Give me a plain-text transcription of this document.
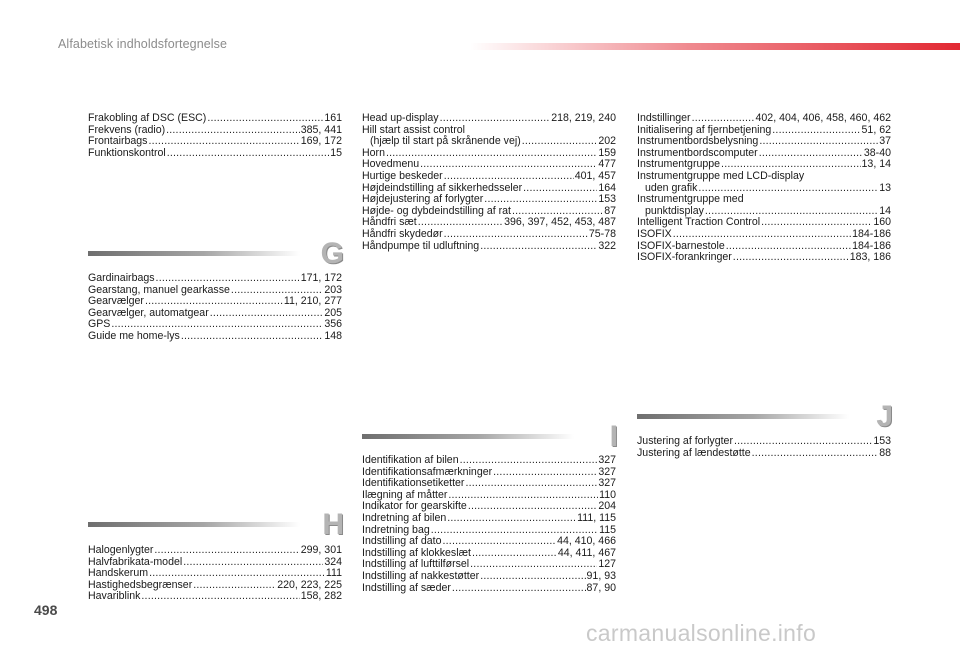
Alfabetisk indholdsfortegnelse
Frakobling af DSC (ESC) .....	161
Frekvens (radio) .....	385, 441
Frontairbags .....	169, 172
Funktionskontrol .....	15
G
Gardinairbags .....	171, 172
Gearstang, manuel gearkasse .....	203
Gearvælger .....	11, 210, 277
Gearvælger, automatgear .....	205
GPS .....	356
Guide me home-lys .....	148
H
Halogenlygter .....	299, 301
Halvfabrikata-model .....	324
Handskerum .....	111
Hastighedsbegrænser .....	220, 223, 225
Havariblink .....	158, 282
Head up-display .....	218, 219, 240
Hill start assist control
(hjælp til start på skrånende vej) .....	202
Horn .....	159
Hovedmenu .....	477
Hurtige beskeder .....	401, 457
Højdeindstilling af sikkerhedsseler .....	164
Højdejustering af forlygter .....	153
Højde- og dybdeindstilling af rat .....	87
Håndfri sæt .....	396, 397, 452, 453, 487
Håndfri skydedør .....	75-78
Håndpumpe til udluftning .....	322
I
Identifikation af bilen .....	327
Identifikationsafmærkninger .....	327
Identifikationsetiketter .....	327
Ilægning af måtter .....	110
Indikator for gearskifte .....	204
Indretning af bilen .....	111, 115
Indretning bag .....	115
Indstilling af dato .....	44, 410, 466
Indstilling af klokkeslæt .....	44, 411, 467
Indstilling af lufttilførsel .....	127
Indstilling af nakkestøtter .....	91, 93
Indstilling af sæder .....	87, 90
Indstillinger .....	402, 404, 406, 458, 460, 462
Initialisering af fjernbetjening .....	51, 62
Instrumentbordsbelysning .....	37
Instrumentbordscomputer .....	38-40
Instrumentgruppe .....	13, 14
Instrumentgruppe med LCD-display
uden grafik .....	13
Instrumentgruppe med
punktdisplay .....	14
Intelligent Traction Control .....	160
ISOFIX .....	184-186
ISOFIX-barnestole .....	184-186
ISOFIX-forankringer .....	183, 186
J
Justering af forlygter .....	153
Justering af lændestøtte .....	88
498
carmanualsonline.info
